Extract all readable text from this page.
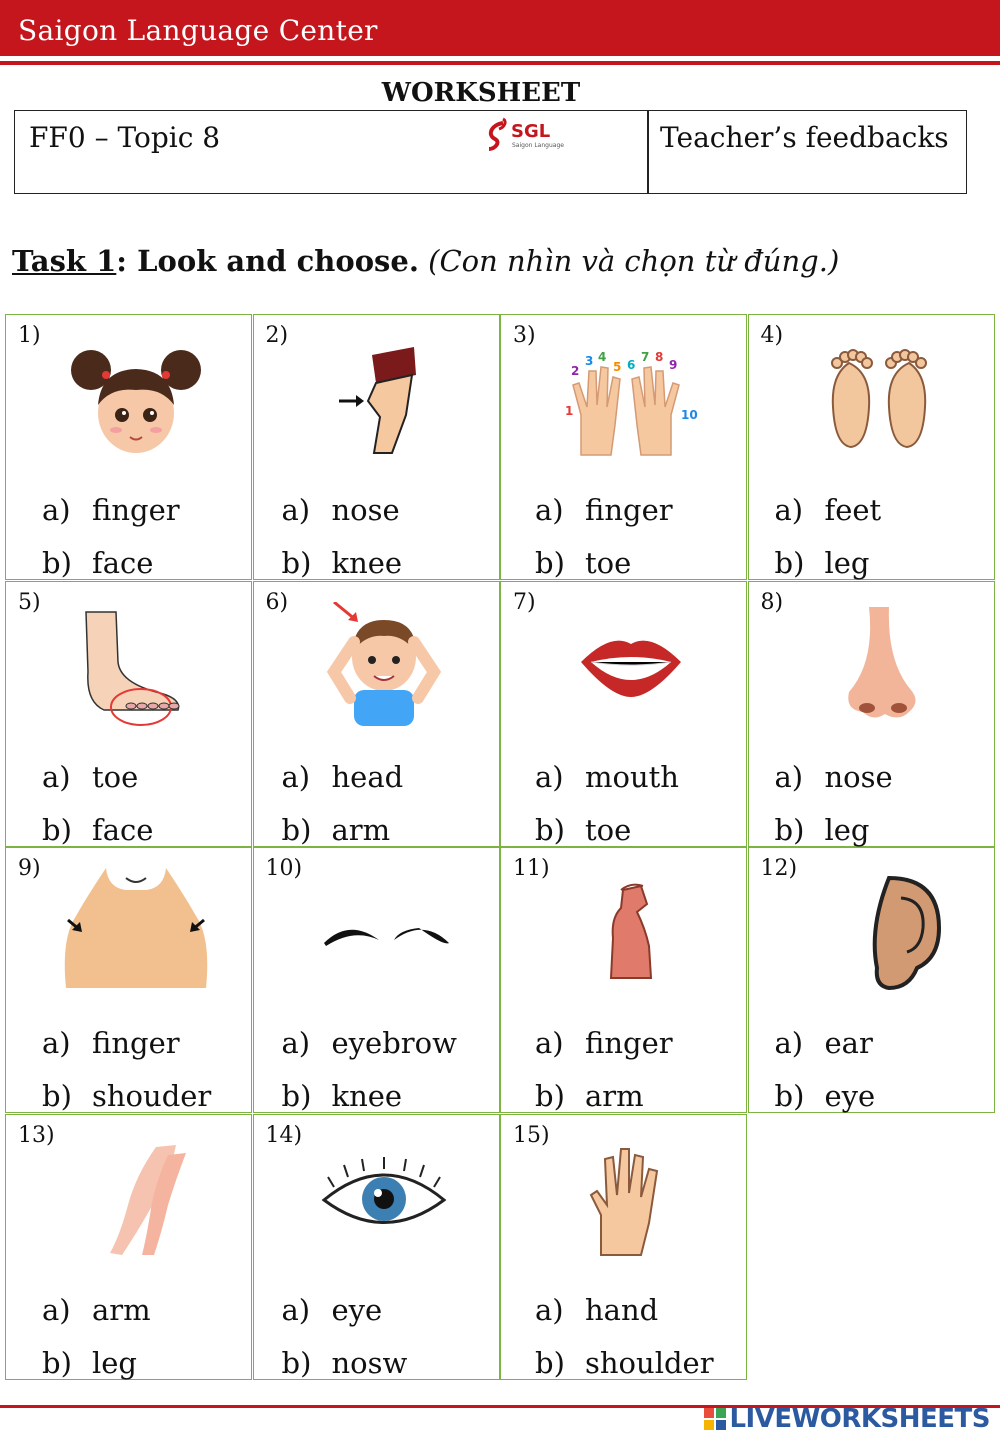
Saigon Language Center
WORKSHEET
FF0 – Topic 8	SGL
Saigon Language	Teacher’s feedbacks
Task 1: Look and choose. (Con nhìn và chọn từ đúng.)
1)
a) finger
b) face
2)
a) nose
b) knee
3)
1
2
3 4
5 6
7 8
9
10
a) finger
b) toe
4)
a) feet
b) leg
5)
a) toe
b) face
6)
a) head
b) arm
7)
a) mouth
b) toe
8)
a) nose
b) leg
9)
a) finger
b) shouder
10)
a) eyebrow
b) knee
11)
a) finger
b) arm
12)
a) ear
b) eye
13)
a) arm
b) leg
14)
a) eye
b) nosw
15)
a) hand
b) shoulder
LIVEWORKSHEETS
